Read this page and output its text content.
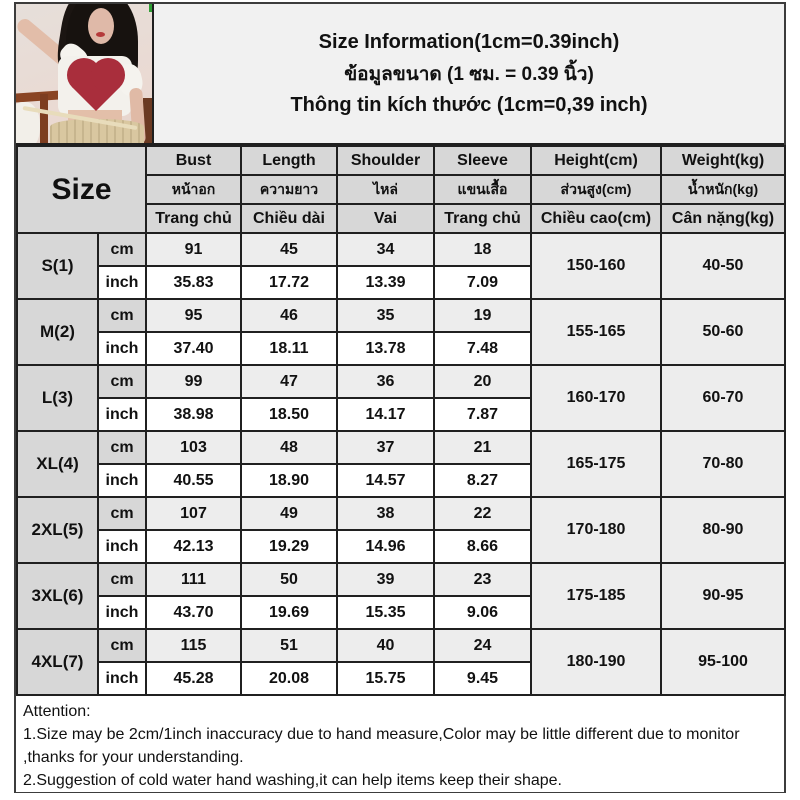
Size Information(1cm=0.39inch)
ข้อมูลขนาด (1 ซม. = 0.39 นิ้ว)
Thông tin kích thước (1cm=0,39 inch)
Size		Bust	Length	Shoulder	Sleeve	Height(cm)	Weight(kg)
		หน้าอก	ความยาว	ไหล่	แขนเสื้อ	ส่วนสูง(cm)	น้ำหนัก(kg)
		Trang chủ	Chiều dài	Vai	Trang chủ	Chiều cao(cm)	Cân nặng(kg)
S(1)	cm	91	45	34	18	150-160	40-50
	inch	35.83	17.72	13.39	7.09		
M(2)	cm	95	46	35	19	155-165	50-60
	inch	37.40	18.11	13.78	7.48		
L(3)	cm	99	47	36	20	160-170	60-70
	inch	38.98	18.50	14.17	7.87		
XL(4)	cm	103	48	37	21	165-175	70-80
	inch	40.55	18.90	14.57	8.27		
2XL(5)	cm	107	49	38	22	170-180	80-90
	inch	42.13	19.29	14.96	8.66		
3XL(6)	cm	111	50	39	23	175-185	90-95
	inch	43.70	19.69	15.35	9.06		
4XL(7)	cm	115	51	40	24	180-190	95-100
	inch	45.28	20.08	15.75	9.45		
Attention:
1.Size may be 2cm/1inch inaccuracy due to hand measure,Color may be little different due to monitor
,thanks for your understanding.
2.Suggestion of cold water hand washing,it can help items keep their shape.
